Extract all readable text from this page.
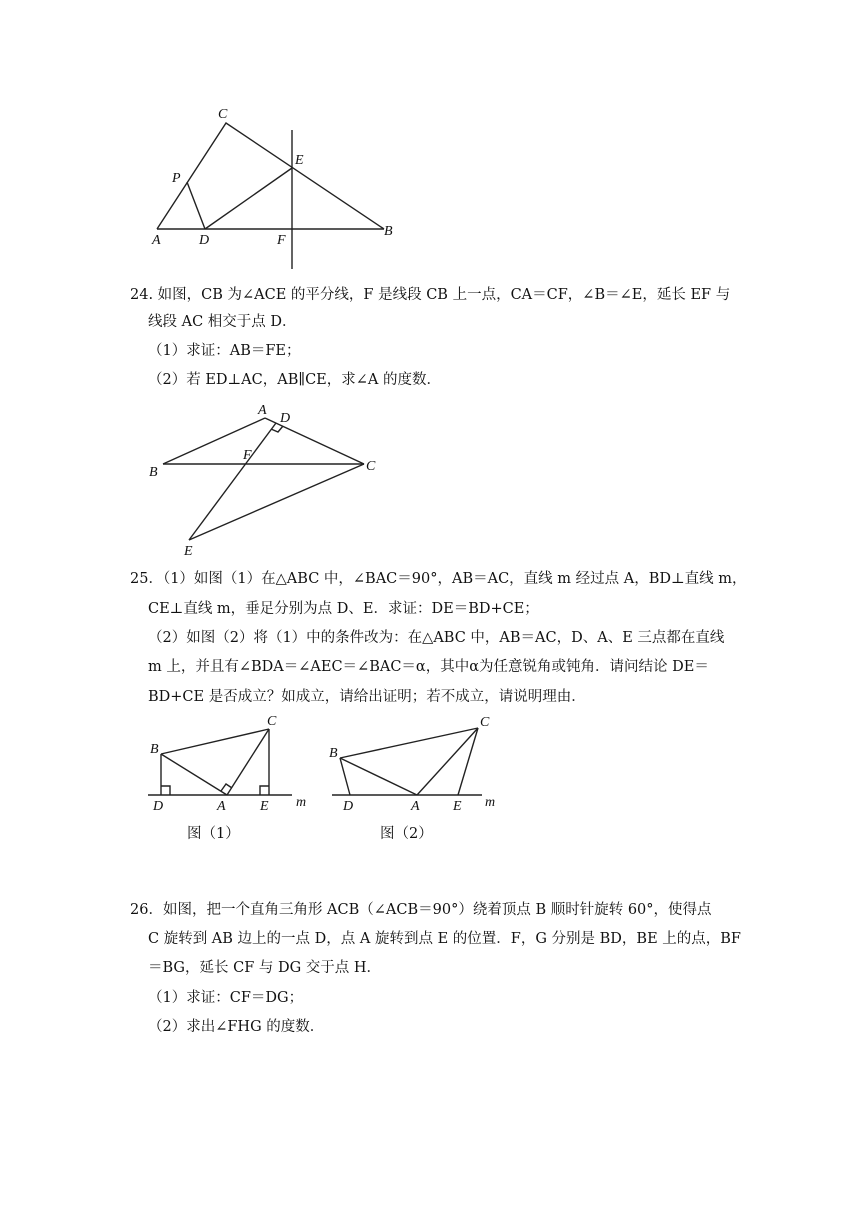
C
P
E
A	D	F
B
24. 如图，CB 为∠ACE 的平分线，F 是线段 CB 上一点，CA＝CF，∠B＝∠E，延长 EF 与
线段 AC 相交于点 D．
（1）求证：AB＝FE；
（2）若 ED⊥AC，AB∥CE，求∠A 的度数．
A
D
B
F
C
E
25．（1）如图（1）在△ABC 中，∠BAC＝90°，AB＝AC，直线 m 经过点 A，BD⊥直线 m，
CE⊥直线 m，垂足分别为点 D、E．求证：DE＝BD+CE；
（2）如图（2）将（1）中的条件改为：在△ABC 中，AB＝AC，D、A、E 三点都在直线
m 上，并且有∠BDA＝∠AEC＝∠BAC＝α，其中α为任意锐角或钝角．请问结论 DE＝
BD+CE 是否成立？如成立，请给出证明；若不成立，请说明理由．
C
B
D	A E m
图（1）
C
B
D	A E m
图（2）
26．如图，把一个直角三角形 ACB（∠ACB＝90°）绕着顶点 B 顺时针旋转 60°，使得点
C 旋转到 AB 边上的一点 D，点 A 旋转到点 E 的位置．F，G 分别是 BD，BE 上的点，BF
＝BG，延长 CF 与 DG 交于点 H．
（1）求证：CF＝DG；
（2）求出∠FHG 的度数．
